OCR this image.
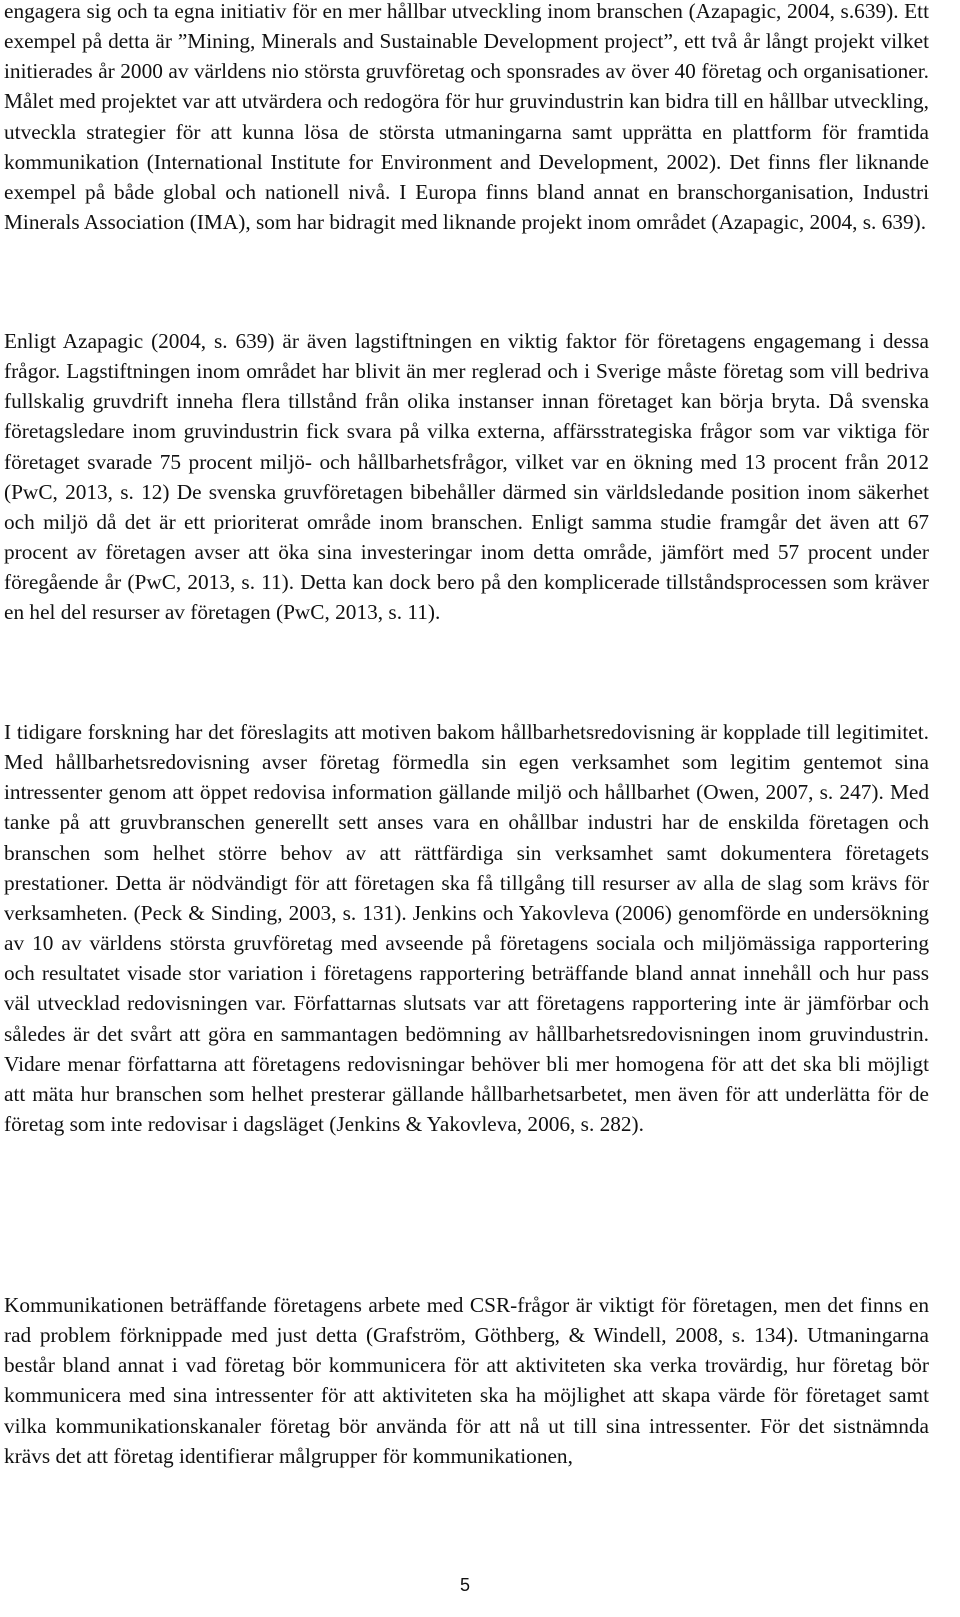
engagera sig och ta egna initiativ för en mer hållbar utveckling inom branschen (Azapagic, 2004, s.639). Ett exempel på detta är ”Mining, Minerals and Sustainable Development project”, ett två år långt projekt vilket initierades år 2000 av världens nio största gruvföretag och sponsrades av över 40 företag och organisationer. Målet med projektet var att utvärdera och redogöra för hur gruvindustrin kan bidra till en hållbar utveckling, utveckla strategier för att kunna lösa de största utmaningarna samt upprätta en plattform för framtida kommunikation (International Institute for Environment and Development, 2002). Det finns fler liknande exempel på både global och nationell nivå. I Europa finns bland annat en branschorganisation, Industri Minerals Association (IMA), som har bidragit med liknande projekt inom området (Azapagic, 2004, s. 639).

Enligt Azapagic (2004, s. 639) är även lagstiftningen en viktig faktor för företagens engagemang i dessa frågor. Lagstiftningen inom området har blivit än mer reglerad och i Sverige måste företag som vill bedriva fullskalig gruvdrift inneha flera tillstånd från olika instanser innan företaget kan börja bryta. Då svenska företagsledare inom gruvindustrin fick svara på vilka externa, affärsstrategiska frågor som var viktiga för företaget svarade 75 procent miljö- och hållbarhetsfrågor, vilket var en ökning med 13 procent från 2012 (PwC, 2013, s. 12) De svenska gruvföretagen bibehåller därmed sin världsledande position inom säkerhet och miljö då det är ett prioriterat område inom branschen. Enligt samma studie framgår det även att 67 procent av företagen avser att öka sina investeringar inom detta område, jämfört med 57 procent under föregående år (PwC, 2013, s. 11). Detta kan dock bero på den komplicerade tillståndsprocessen som kräver en hel del resurser av företagen (PwC, 2013, s. 11).

I tidigare forskning har det föreslagits att motiven bakom hållbarhetsredovisning är kopplade till legitimitet. Med hållbarhetsredovisning avser företag förmedla sin egen verksamhet som legitim gentemot sina intressenter genom att öppet redovisa information gällande miljö och hållbarhet (Owen, 2007, s. 247). Med tanke på att gruvbranschen generellt sett anses vara en ohållbar industri har de enskilda företagen och branschen som helhet större behov av att rättfärdiga sin verksamhet samt dokumentera företagets prestationer. Detta är nödvändigt för att företagen ska få tillgång till resurser av alla de slag som krävs för verksamheten. (Peck & Sinding, 2003, s. 131). Jenkins och Yakovleva (2006) genomförde en undersökning av 10 av världens största gruvföretag med avseende på företagens sociala och miljömässiga rapportering och resultatet visade stor variation i företagens rapportering beträffande bland annat innehåll och hur pass väl utvecklad redovisningen var. Författarnas slutsats var att företagens rapportering inte är jämförbar och således är det svårt att göra en sammantagen bedömning av hållbarhetsredovisningen inom gruvindustrin. Vidare menar författarna att företagens redovisningar behöver bli mer homogena för att det ska bli möjligt att mäta hur branschen som helhet presterar gällande hållbarhetsarbetet, men även för att underlätta för de företag som inte redovisar i dagsläget (Jenkins & Yakovleva, 2006, s. 282).

Kommunikationen beträffande företagens arbete med CSR-frågor är viktigt för företagen, men det finns en rad problem förknippade med just detta (Grafström, Göthberg, & Windell, 2008, s. 134). Utmaningarna består bland annat i vad företag bör kommunicera för att aktiviteten ska verka trovärdig, hur företag bör kommunicera med sina intressenter för att aktiviteten ska ha möjlighet att skapa värde för företaget samt vilka kommunikationskanaler företag bör använda för att nå ut till sina intressenter. För det sistnämnda krävs det att företag identifierar målgrupper för kommunikationen,

5
